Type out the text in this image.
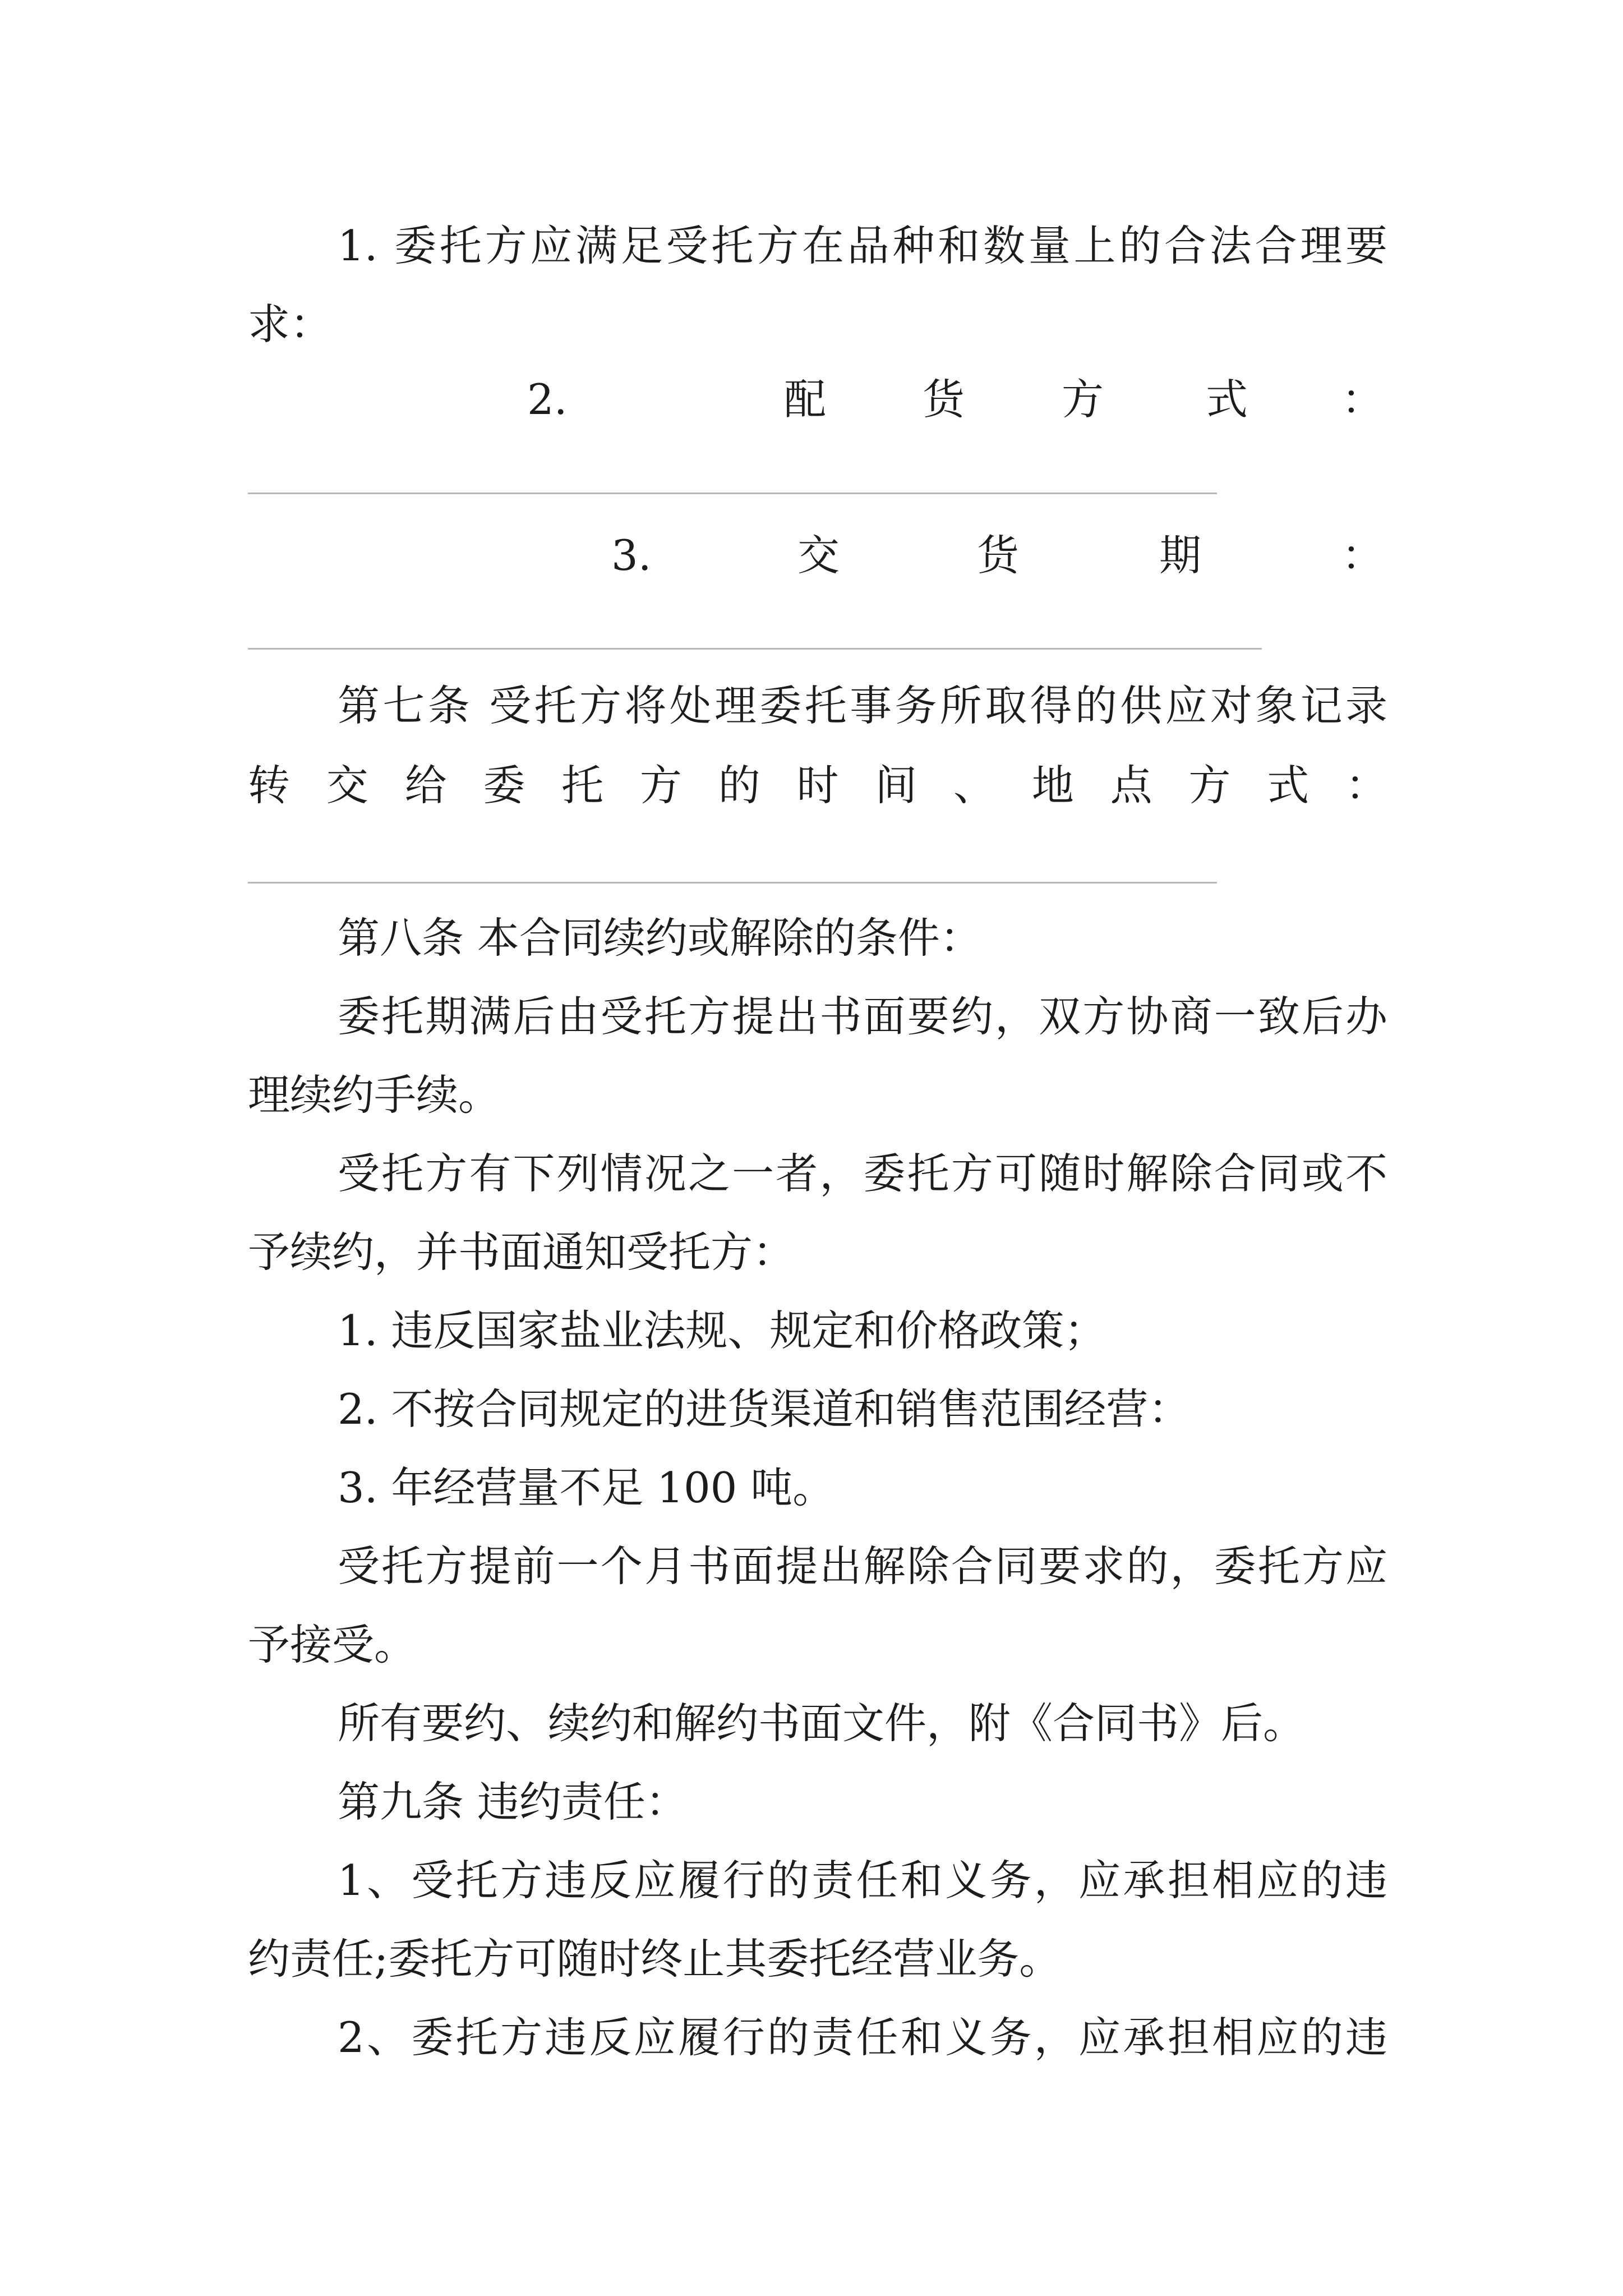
1. 委托方应满足受托方在品种和数量上的合法合理要
求：
2.	配 货 方 式 ：
3.	交	货	期	：
第七条 受托方将处理委托事务所取得的供应对象记录
转交给委托方的时间、地点方式：
第八条 本合同续约或解除的条件：
委托期满后由受托方提出书面要约，双方协商一致后办
理续约手续。
受托方有下列情况之一者，委托方可随时解除合同或不
予续约，并书面通知受托方：
1. 违反国家盐业法规、规定和价格政策；
2. 不按合同规定的进货渠道和销售范围经营：
3. 年经营量不足 100 吨。
受托方提前一个月书面提出解除合同要求的，委托方应
予接受。
所有要约、续约和解约书面文件，附《合同书》后。
第九条 违约责任：
1、受托方违反应履行的责任和义务，应承担相应的违
约责任;委托方可随时终止其委托经营业务。
2、委托方违反应履行的责任和义务，应承担相应的违
